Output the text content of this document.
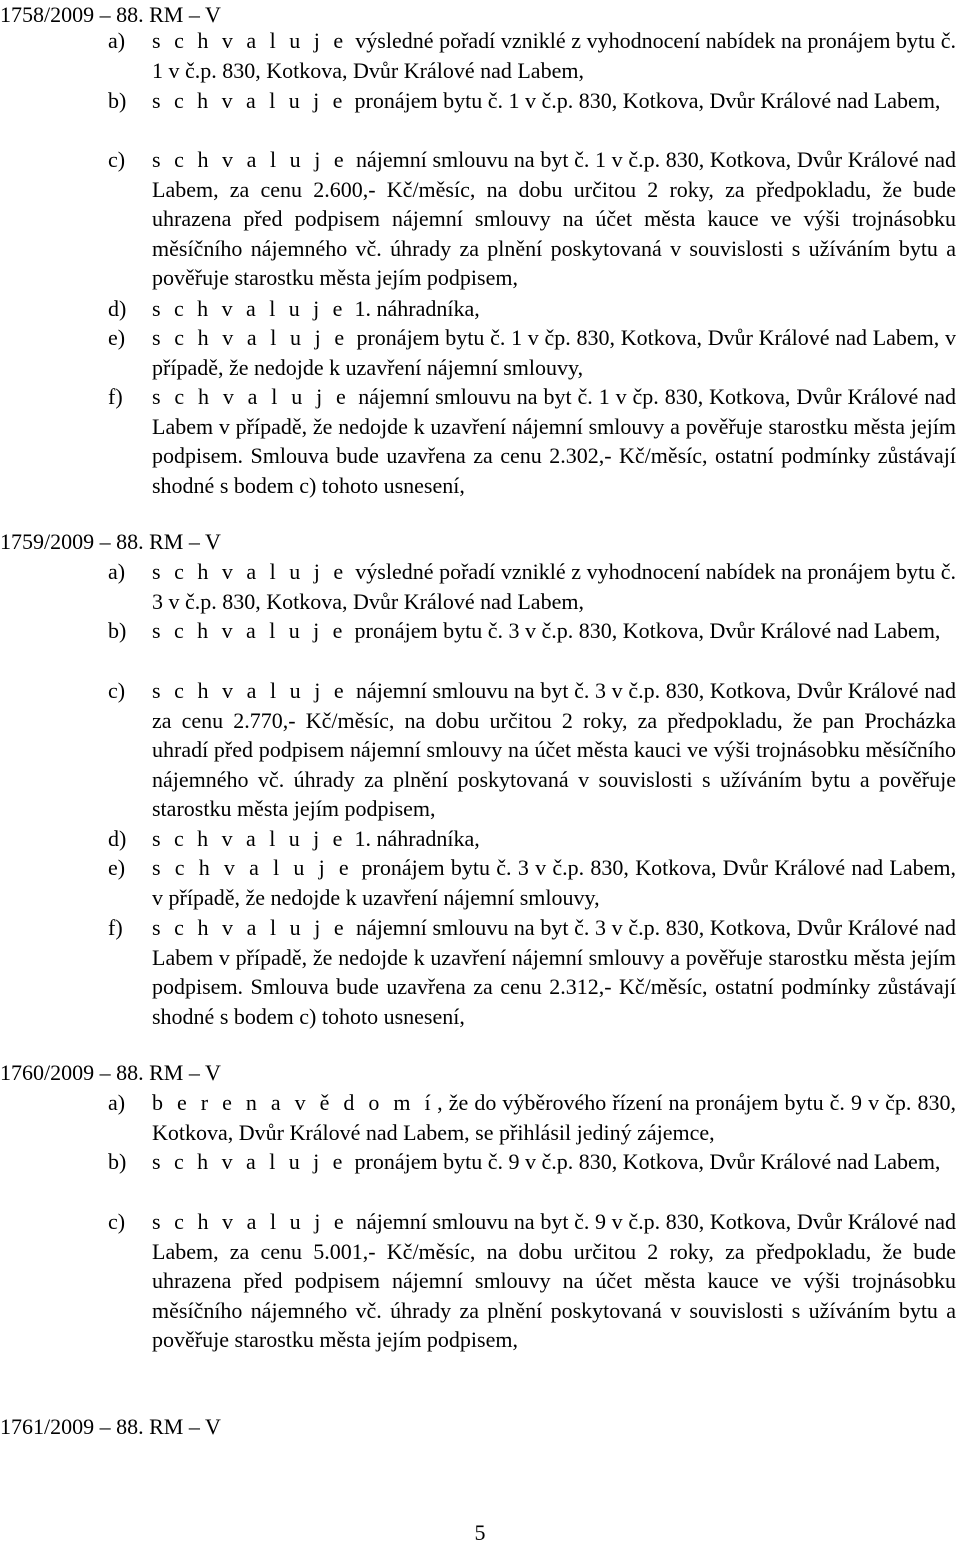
1758/2009 – 88. RM – V
a)	s c h v a l u j e výsledné pořadí vzniklé z vyhodnocení nabídek na pronájem bytu č. 1 v č.p. 830, Kotkova, Dvůr Králové nad Labem,
b)	s c h v a l u j e pronájem bytu č. 1 v č.p. 830, Kotkova, Dvůr Králové nad Labem,
c)	s c h v a l u j e nájemní smlouvu na byt č. 1 v č.p. 830, Kotkova, Dvůr Králové nad Labem, za cenu 2.600,- Kč/měsíc, na dobu určitou 2 roky, za předpokladu, že bude uhrazena před podpisem nájemní smlouvy na účet města kauce ve výši trojnásobku měsíčního nájemného vč. úhrady za plnění poskytovaná v souvislosti s užíváním bytu a pověřuje starostku města jejím podpisem,
d)	s c h v a l u j e 1. náhradníka,
e)	s c h v a l u j e pronájem bytu č. 1 v čp. 830, Kotkova, Dvůr Králové nad Labem, v případě, že nedojde k uzavření nájemní smlouvy,
f)	s c h v a l u j e nájemní smlouvu na byt č. 1 v čp. 830, Kotkova, Dvůr Králové nad Labem v případě, že nedojde k uzavření nájemní smlouvy a pověřuje starostku města jejím podpisem. Smlouva bude uzavřena za cenu 2.302,- Kč/měsíc, ostatní podmínky zůstávají shodné s bodem c) tohoto usnesení,
1759/2009 – 88. RM – V
a)	s c h v a l u j e výsledné pořadí vzniklé z vyhodnocení nabídek na pronájem bytu č. 3 v č.p. 830, Kotkova, Dvůr Králové nad Labem,
b)	s c h v a l u j e pronájem bytu č. 3 v č.p. 830, Kotkova, Dvůr Králové nad Labem,
c)	s c h v a l u j e nájemní smlouvu na byt č. 3 v č.p. 830, Kotkova, Dvůr Králové nad za cenu 2.770,- Kč/měsíc, na dobu určitou 2 roky, za předpokladu, že pan Procházka uhradí před podpisem nájemní smlouvy na účet města kauci ve výši trojnásobku měsíčního nájemného vč. úhrady za plnění poskytovaná v souvislosti s užíváním bytu a pověřuje starostku města jejím podpisem,
d)	s c h v a l u j e 1. náhradníka,
e)	s c h v a l u j e pronájem bytu č. 3 v č.p. 830, Kotkova, Dvůr Králové nad Labem, v případě, že nedojde k uzavření nájemní smlouvy,
f)	s c h v a l u j e nájemní smlouvu na byt č. 3 v č.p. 830, Kotkova, Dvůr Králové nad Labem v případě, že nedojde k uzavření nájemní smlouvy a pověřuje starostku města jejím podpisem. Smlouva bude uzavřena za cenu 2.312,- Kč/měsíc, ostatní podmínky zůstávají shodné s bodem c) tohoto usnesení,
1760/2009 – 88. RM – V
a)	b e r e n a v ě d o m í , že do výběrového řízení na pronájem bytu č. 9 v čp. 830, Kotkova, Dvůr Králové nad Labem, se přihlásil jediný zájemce,
b)	s c h v a l u j e pronájem bytu č. 9 v č.p. 830, Kotkova, Dvůr Králové nad Labem,
c)	s c h v a l u j e nájemní smlouvu na byt č. 9 v č.p. 830, Kotkova, Dvůr Králové nad Labem, za cenu 5.001,- Kč/měsíc, na dobu určitou 2 roky, za předpokladu, že bude uhrazena před podpisem nájemní smlouvy na účet města kauce ve výši trojnásobku měsíčního nájemného vč. úhrady za plnění poskytovaná v souvislosti s užíváním bytu a pověřuje starostku města jejím podpisem,
1761/2009 – 88. RM – V
5
